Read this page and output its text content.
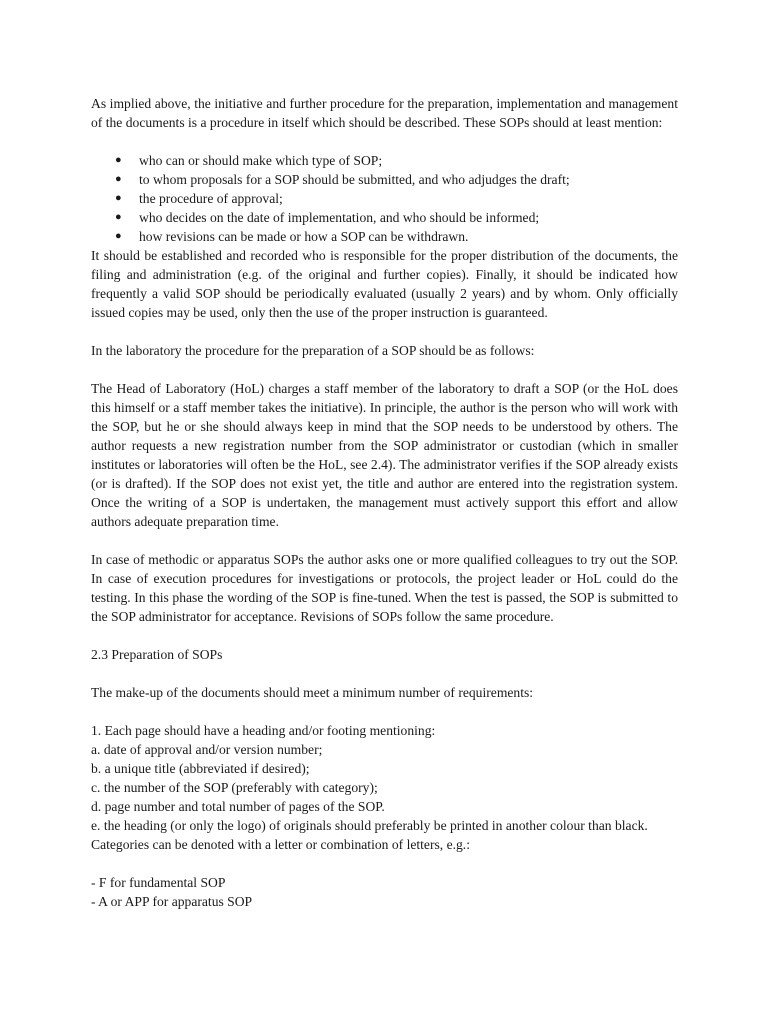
As implied above, the initiative and further procedure for the preparation, implementation and management of the documents is a procedure in itself which should be described. These SOPs should at least mention:

● who can or should make which type of SOP;
● to whom proposals for a SOP should be submitted, and who adjudges the draft;
● the procedure of approval;
● who decides on the date of implementation, and who should be informed;
● how revisions can be made or how a SOP can be withdrawn.

It should be established and recorded who is responsible for the proper distribution of the documents, the filing and administration (e.g. of the original and further copies). Finally, it should be indicated how frequently a valid SOP should be periodically evaluated (usually 2 years) and by whom. Only officially issued copies may be used, only then the use of the proper instruction is guaranteed.

In the laboratory the procedure for the preparation of a SOP should be as follows:

The Head of Laboratory (HoL) charges a staff member of the laboratory to draft a SOP (or the HoL does this himself or a staff member takes the initiative). In principle, the author is the person who will work with the SOP, but he or she should always keep in mind that the SOP needs to be understood by others. The author requests a new registration number from the SOP administrator or custodian (which in smaller institutes or laboratories will often be the HoL, see 2.4). The administrator verifies if the SOP already exists (or is drafted). If the SOP does not exist yet, the title and author are entered into the registration system. Once the writing of a SOP is undertaken, the management must actively support this effort and allow authors adequate preparation time.

In case of methodic or apparatus SOPs the author asks one or more qualified colleagues to try out the SOP. In case of execution procedures for investigations or protocols, the project leader or HoL could do the testing. In this phase the wording of the SOP is fine-tuned. When the test is passed, the SOP is submitted to the SOP administrator for acceptance. Revisions of SOPs follow the same procedure.

2.3 Preparation of SOPs

The make-up of the documents should meet a minimum number of requirements:

1. Each page should have a heading and/or footing mentioning:
a. date of approval and/or version number;
b. a unique title (abbreviated if desired);
c. the number of the SOP (preferably with category);
d. page number and total number of pages of the SOP.
e. the heading (or only the logo) of originals should preferably be printed in another colour than black.
Categories can be denoted with a letter or combination of letters, e.g.:
- F for fundamental SOP
- A or APP for apparatus SOP
